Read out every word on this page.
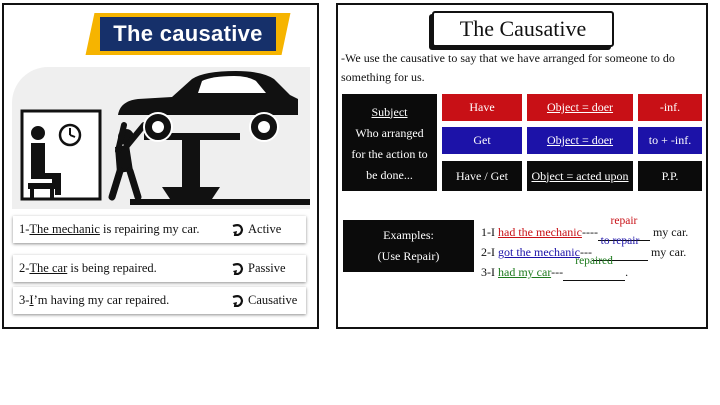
The causative
1-The mechanic is repairing my car.	Active
2-The car is being repaired.	Passive
3-I’m having my car repaired.	Causative
The Causative
-We use the causative to say that we have arranged for someone to do something for us.
Subject
Who arranged
for the action to
be done...
Have	Object = doer	-inf.
Get	Object = doer	to + -inf.
Have / Get	Object = acted upon	P.P.
Examples:
(Use Repair)
1-I had the mechanic----
repair
my car.
2-I got the mechanic---
to repair
my car.
3-I had my car---
repaired
.
